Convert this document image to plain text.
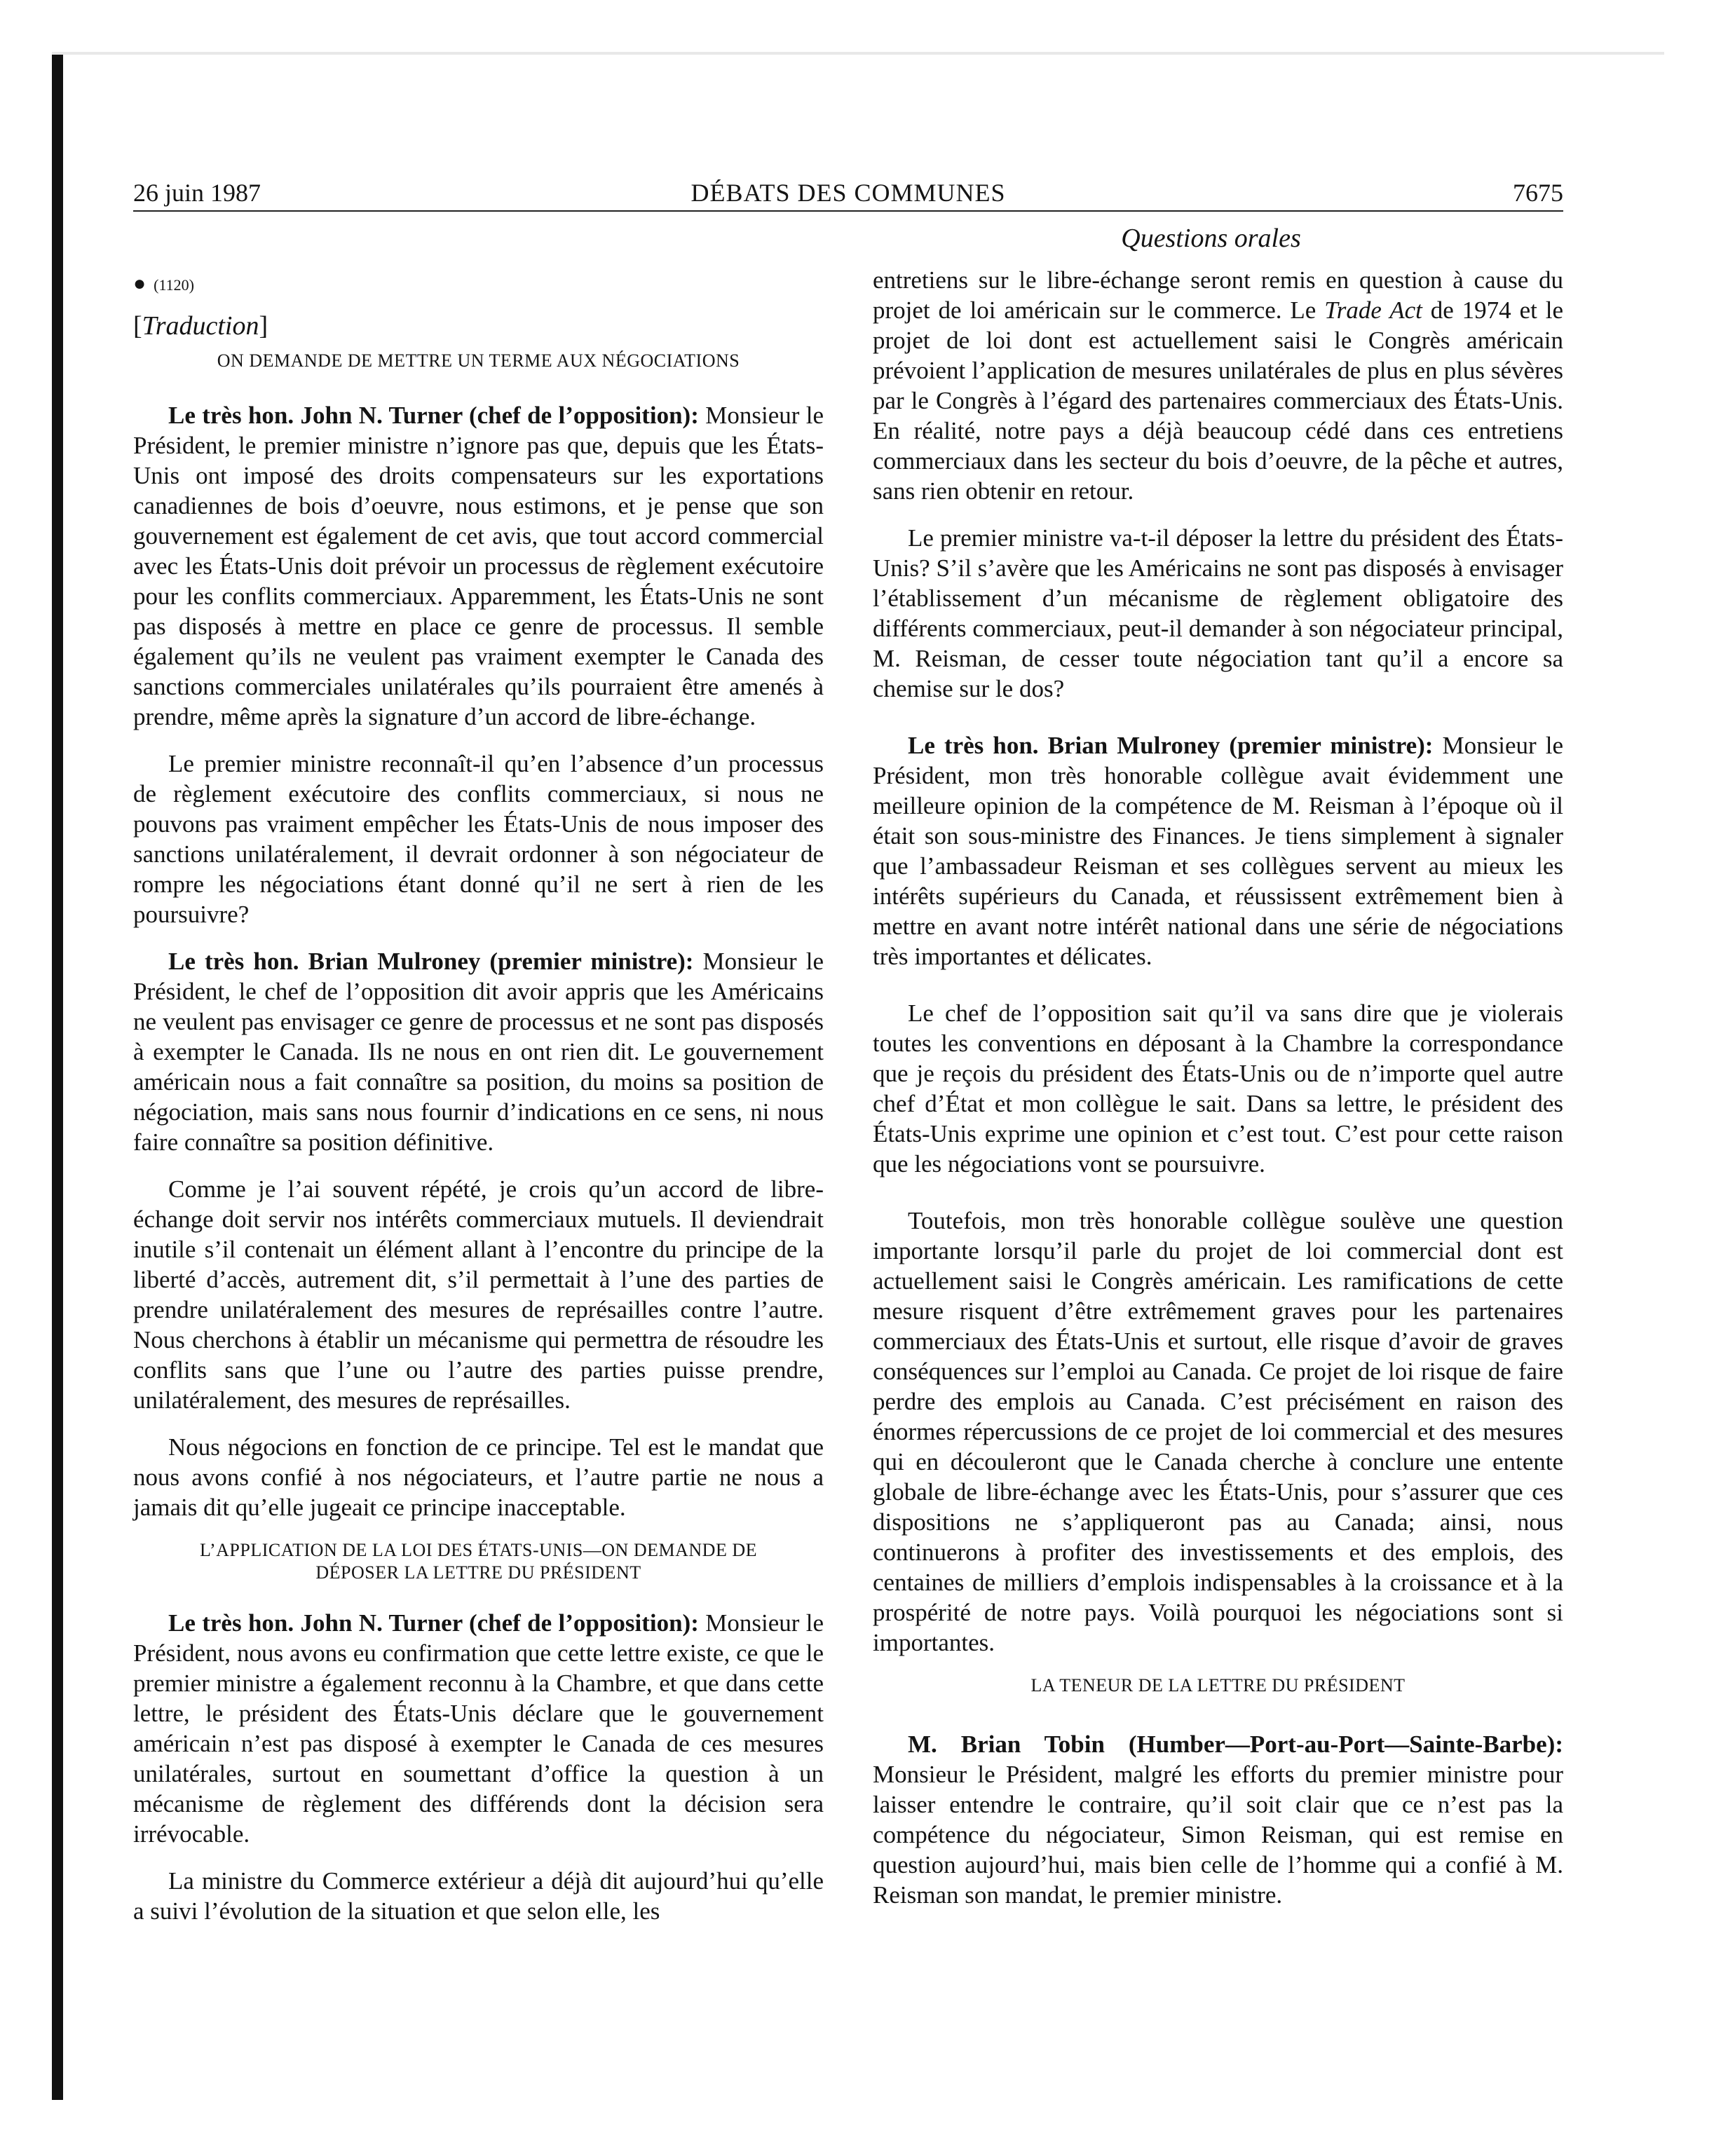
26 juin 1987	DÉBATS DES COMMUNES	7675
Questions orales
● (1120)
[Traduction]
ON DEMANDE DE METTRE UN TERME AUX NÉGOCIATIONS

Le très hon. John N. Turner (chef de l’opposition): Monsieur le Président, le premier ministre n’ignore pas que, depuis que les États-Unis ont imposé des droits compensateurs sur les exportations canadiennes de bois d’oeuvre, nous estimons, et je pense que son gouvernement est également de cet avis, que tout accord commercial avec les États-Unis doit prévoir un processus de règlement exécutoire pour les conflits commerciaux. Apparemment, les États-Unis ne sont pas disposés à mettre en place ce genre de processus. Il semble également qu’ils ne veulent pas vraiment exempter le Canada des sanctions commerciales unilatérales qu’ils pourraient être amenés à prendre, même après la signature d’un accord de libre-échange.

Le premier ministre reconnaît-il qu’en l’absence d’un processus de règlement exécutoire des conflits commerciaux, si nous ne pouvons pas vraiment empêcher les États-Unis de nous imposer des sanctions unilatéralement, il devrait ordonner à son négociateur de rompre les négociations étant donné qu’il ne sert à rien de les poursuivre?

Le très hon. Brian Mulroney (premier ministre): Monsieur le Président, le chef de l’opposition dit avoir appris que les Américains ne veulent pas envisager ce genre de processus et ne sont pas disposés à exempter le Canada. Ils ne nous en ont rien dit. Le gouvernement américain nous a fait connaître sa position, du moins sa position de négociation, mais sans nous fournir d’indications en ce sens, ni nous faire connaître sa position définitive.

Comme je l’ai souvent répété, je crois qu’un accord de libre-échange doit servir nos intérêts commerciaux mutuels. Il deviendrait inutile s’il contenait un élément allant à l’encontre du principe de la liberté d’accès, autrement dit, s’il permettait à l’une des parties de prendre unilatéralement des mesures de représailles contre l’autre. Nous cherchons à établir un mécanisme qui permettra de résoudre les conflits sans que l’une ou l’autre des parties puisse prendre, unilatéralement, des mesures de représailles.

Nous négocions en fonction de ce principe. Tel est le mandat que nous avons confié à nos négociateurs, et l’autre partie ne nous a jamais dit qu’elle jugeait ce principe inacceptable.

L’APPLICATION DE LA LOI DES ÉTATS-UNIS—ON DEMANDE DE DÉPOSER LA LETTRE DU PRÉSIDENT

Le très hon. John N. Turner (chef de l’opposition): Monsieur le Président, nous avons eu confirmation que cette lettre existe, ce que le premier ministre a également reconnu à la Chambre, et que dans cette lettre, le président des États-Unis déclare que le gouvernement américain n’est pas disposé à exempter le Canada de ces mesures unilatérales, surtout en soumettant d’office la question à un mécanisme de règlement des différends dont la décision sera irrévocable.

La ministre du Commerce extérieur a déjà dit aujourd’hui qu’elle a suivi l’évolution de la situation et que selon elle, les

entretiens sur le libre-échange seront remis en question à cause du projet de loi américain sur le commerce. Le Trade Act de 1974 et le projet de loi dont est actuellement saisi le Congrès américain prévoient l’application de mesures unilatérales de plus en plus sévères par le Congrès à l’égard des partenaires commerciaux des États-Unis. En réalité, notre pays a déjà beaucoup cédé dans ces entretiens commerciaux dans les secteur du bois d’oeuvre, de la pêche et autres, sans rien obtenir en retour.

Le premier ministre va-t-il déposer la lettre du président des États-Unis? S’il s’avère que les Américains ne sont pas disposés à envisager l’établissement d’un mécanisme de règlement obligatoire des différents commerciaux, peut-il demander à son négociateur principal, M. Reisman, de cesser toute négociation tant qu’il a encore sa chemise sur le dos?

Le très hon. Brian Mulroney (premier ministre): Monsieur le Président, mon très honorable collègue avait évidemment une meilleure opinion de la compétence de M. Reisman à l’époque où il était son sous-ministre des Finances. Je tiens simplement à signaler que l’ambassadeur Reisman et ses collègues servent au mieux les intérêts supérieurs du Canada, et réussissent extrêmement bien à mettre en avant notre intérêt national dans une série de négociations très importantes et délicates.

Le chef de l’opposition sait qu’il va sans dire que je violerais toutes les conventions en déposant à la Chambre la correspondance que je reçois du président des États-Unis ou de n’importe quel autre chef d’État et mon collègue le sait. Dans sa lettre, le président des États-Unis exprime une opinion et c’est tout. C’est pour cette raison que les négociations vont se poursuivre.

Toutefois, mon très honorable collègue soulève une question importante lorsqu’il parle du projet de loi commercial dont est actuellement saisi le Congrès américain. Les ramifications de cette mesure risquent d’être extrêmement graves pour les partenaires commerciaux des États-Unis et surtout, elle risque d’avoir de graves conséquences sur l’emploi au Canada. Ce projet de loi risque de faire perdre des emplois au Canada. C’est précisément en raison des énormes répercussions de ce projet de loi commercial et des mesures qui en découleront que le Canada cherche à conclure une entente globale de libre-échange avec les États-Unis, pour s’assurer que ces dispositions ne s’appliqueront pas au Canada; ainsi, nous continuerons à profiter des investissements et des emplois, des centaines de milliers d’emplois indispensables à la croissance et à la prospérité de notre pays. Voilà pourquoi les négociations sont si importantes.

LA TENEUR DE LA LETTRE DU PRÉSIDENT

M. Brian Tobin (Humber—Port-au-Port—Sainte-Barbe): Monsieur le Président, malgré les efforts du premier ministre pour laisser entendre le contraire, qu’il soit clair que ce n’est pas la compétence du négociateur, Simon Reisman, qui est remise en question aujourd’hui, mais bien celle de l’homme qui a confié à M. Reisman son mandat, le premier ministre.
